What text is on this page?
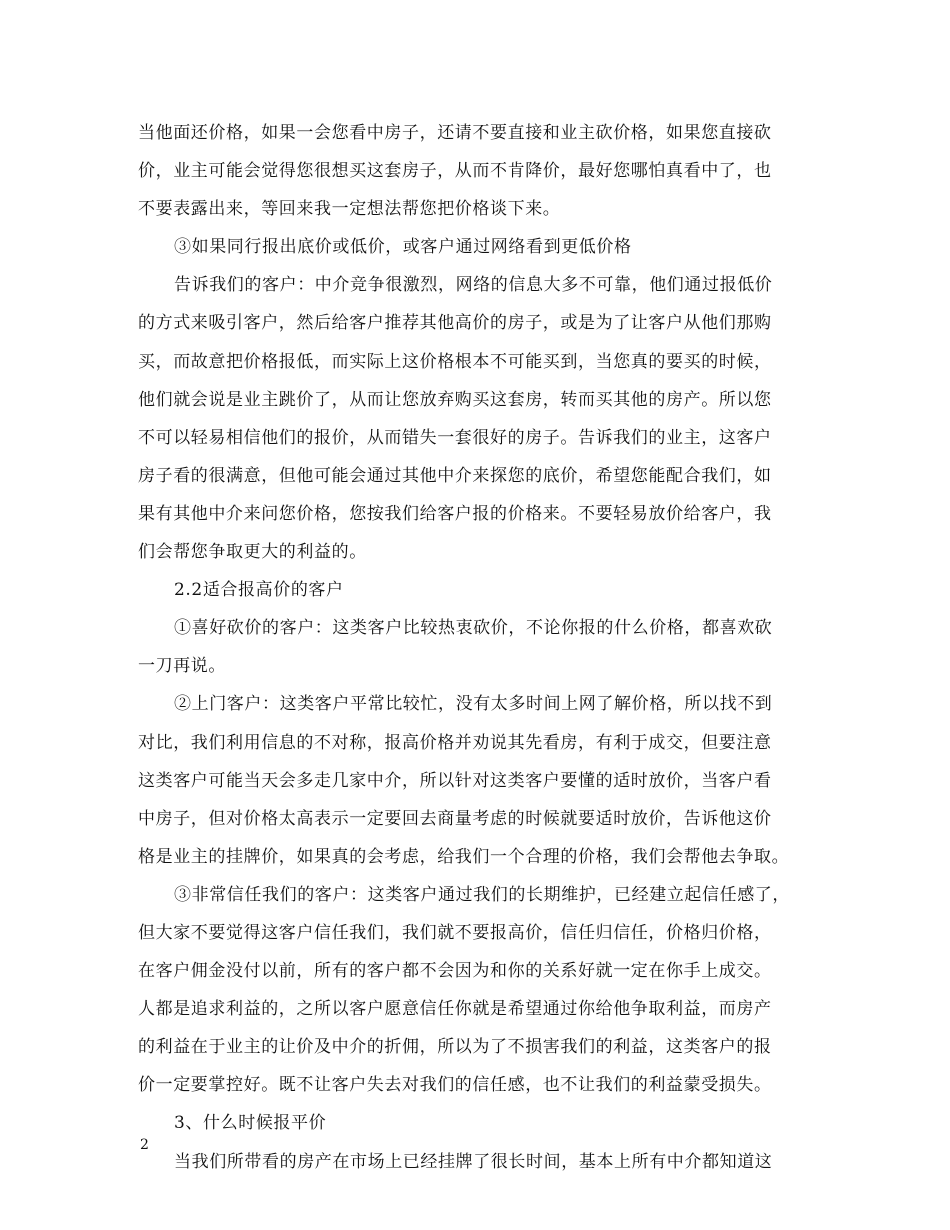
当他面还价格，如果一会您看中房子，还请不要直接和业主砍价格，如果您直接砍
价，业主可能会觉得您很想买这套房子，从而不肯降价，最好您哪怕真看中了，也
不要表露出来，等回来我一定想法帮您把价格谈下来。
③如果同行报出底价或低价，或客户通过网络看到更低价格
告诉我们的客户：中介竞争很激烈，网络的信息大多不可靠，他们通过报低价
的方式来吸引客户，然后给客户推荐其他高价的房子，或是为了让客户从他们那购
买，而故意把价格报低，而实际上这价格根本不可能买到，当您真的要买的时候，
他们就会说是业主跳价了，从而让您放弃购买这套房，转而买其他的房产。所以您
不可以轻易相信他们的报价，从而错失一套很好的房子。告诉我们的业主，这客户
房子看的很满意，但他可能会通过其他中介来探您的底价，希望您能配合我们，如
果有其他中介来问您价格，您按我们给客户报的价格来。不要轻易放价给客户，我
们会帮您争取更大的利益的。
2.2适合报高价的客户
①喜好砍价的客户：这类客户比较热衷砍价，不论你报的什么价格，都喜欢砍
一刀再说。
②上门客户：这类客户平常比较忙，没有太多时间上网了解价格，所以找不到
对比，我们利用信息的不对称，报高价格并劝说其先看房，有利于成交，但要注意
这类客户可能当天会多走几家中介，所以针对这类客户要懂的适时放价，当客户看
中房子，但对价格太高表示一定要回去商量考虑的时候就要适时放价，告诉他这价
格是业主的挂牌价，如果真的会考虑，给我们一个合理的价格，我们会帮他去争取。
③非常信任我们的客户：这类客户通过我们的长期维护，已经建立起信任感了，
但大家不要觉得这客户信任我们，我们就不要报高价，信任归信任，价格归价格，
在客户佣金没付以前，所有的客户都不会因为和你的关系好就一定在你手上成交。
人都是追求利益的，之所以客户愿意信任你就是希望通过你给他争取利益，而房产
的利益在于业主的让价及中介的折佣，所以为了不损害我们的利益，这类客户的报
价一定要掌控好。既不让客户失去对我们的信任感，也不让我们的利益蒙受损失。
3、什么时候报平价
当我们所带看的房产在市场上已经挂牌了很长时间，基本上所有中介都知道这
2
